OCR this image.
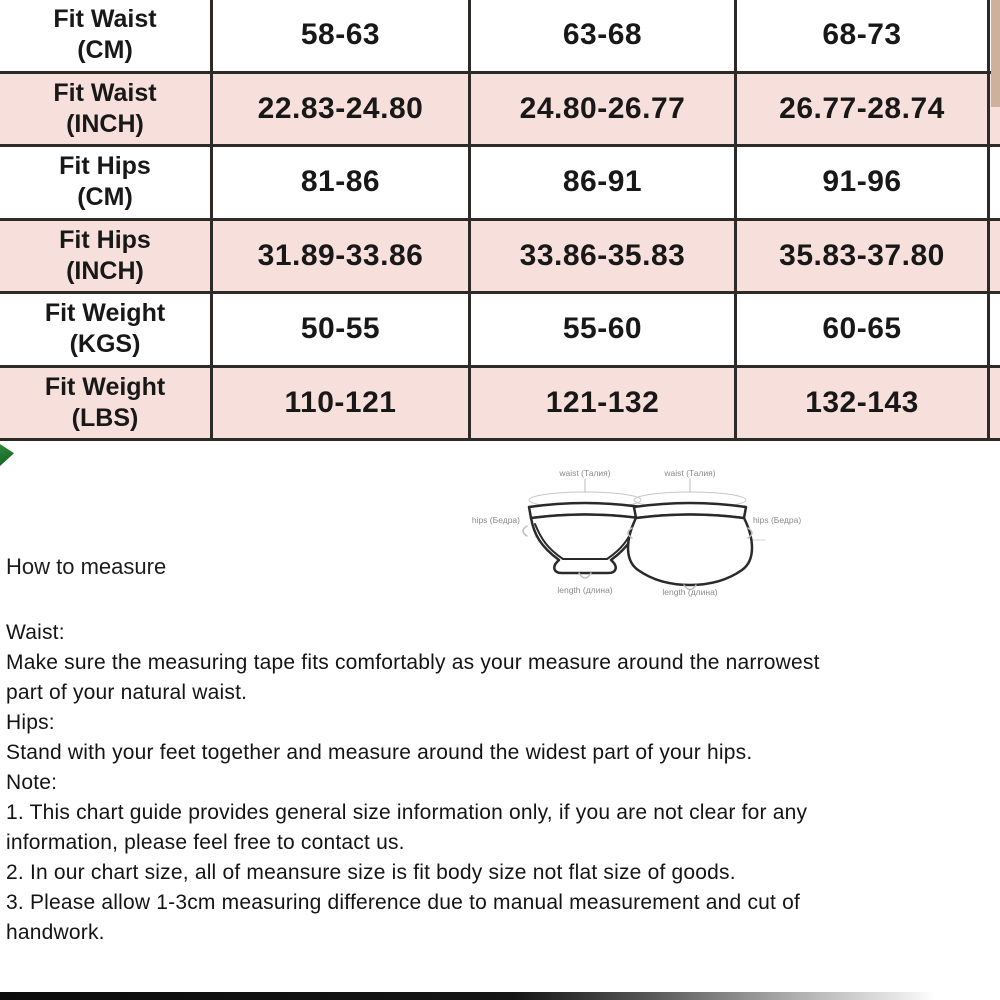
Fit Waist
(CM)	58-63	63-68	68-73
Fit Waist
(INCH)	22.83-24.80	24.80-26.77	26.77-28.74
Fit Hips
(CM)	81-86	86-91	91-96
Fit Hips
(INCH)	31.89-33.86	33.86-35.83	35.83-37.80
Fit Weight
(KGS)	50-55	55-60	60-65
Fit Weight
(LBS)	110-121	121-132	132-143
waist (Талия)	waist (Талия)
hips (Бедра)	hips (Бедра)
length (длина)	length (длина)
How to measure
Waist:
Make sure the measuring tape fits comfortably as your measure around the narrowest
part of your natural waist.
Hips:
Stand with your feet together and measure around the widest part of your hips.
Note:
1. This chart guide provides general size information only, if you are not clear for any
information, please feel free to contact us.
2. In our chart size, all of meansure size is fit body size not flat size of goods.
3. Please allow 1-3cm measuring difference due to manual measurement and cut of
handwork.
